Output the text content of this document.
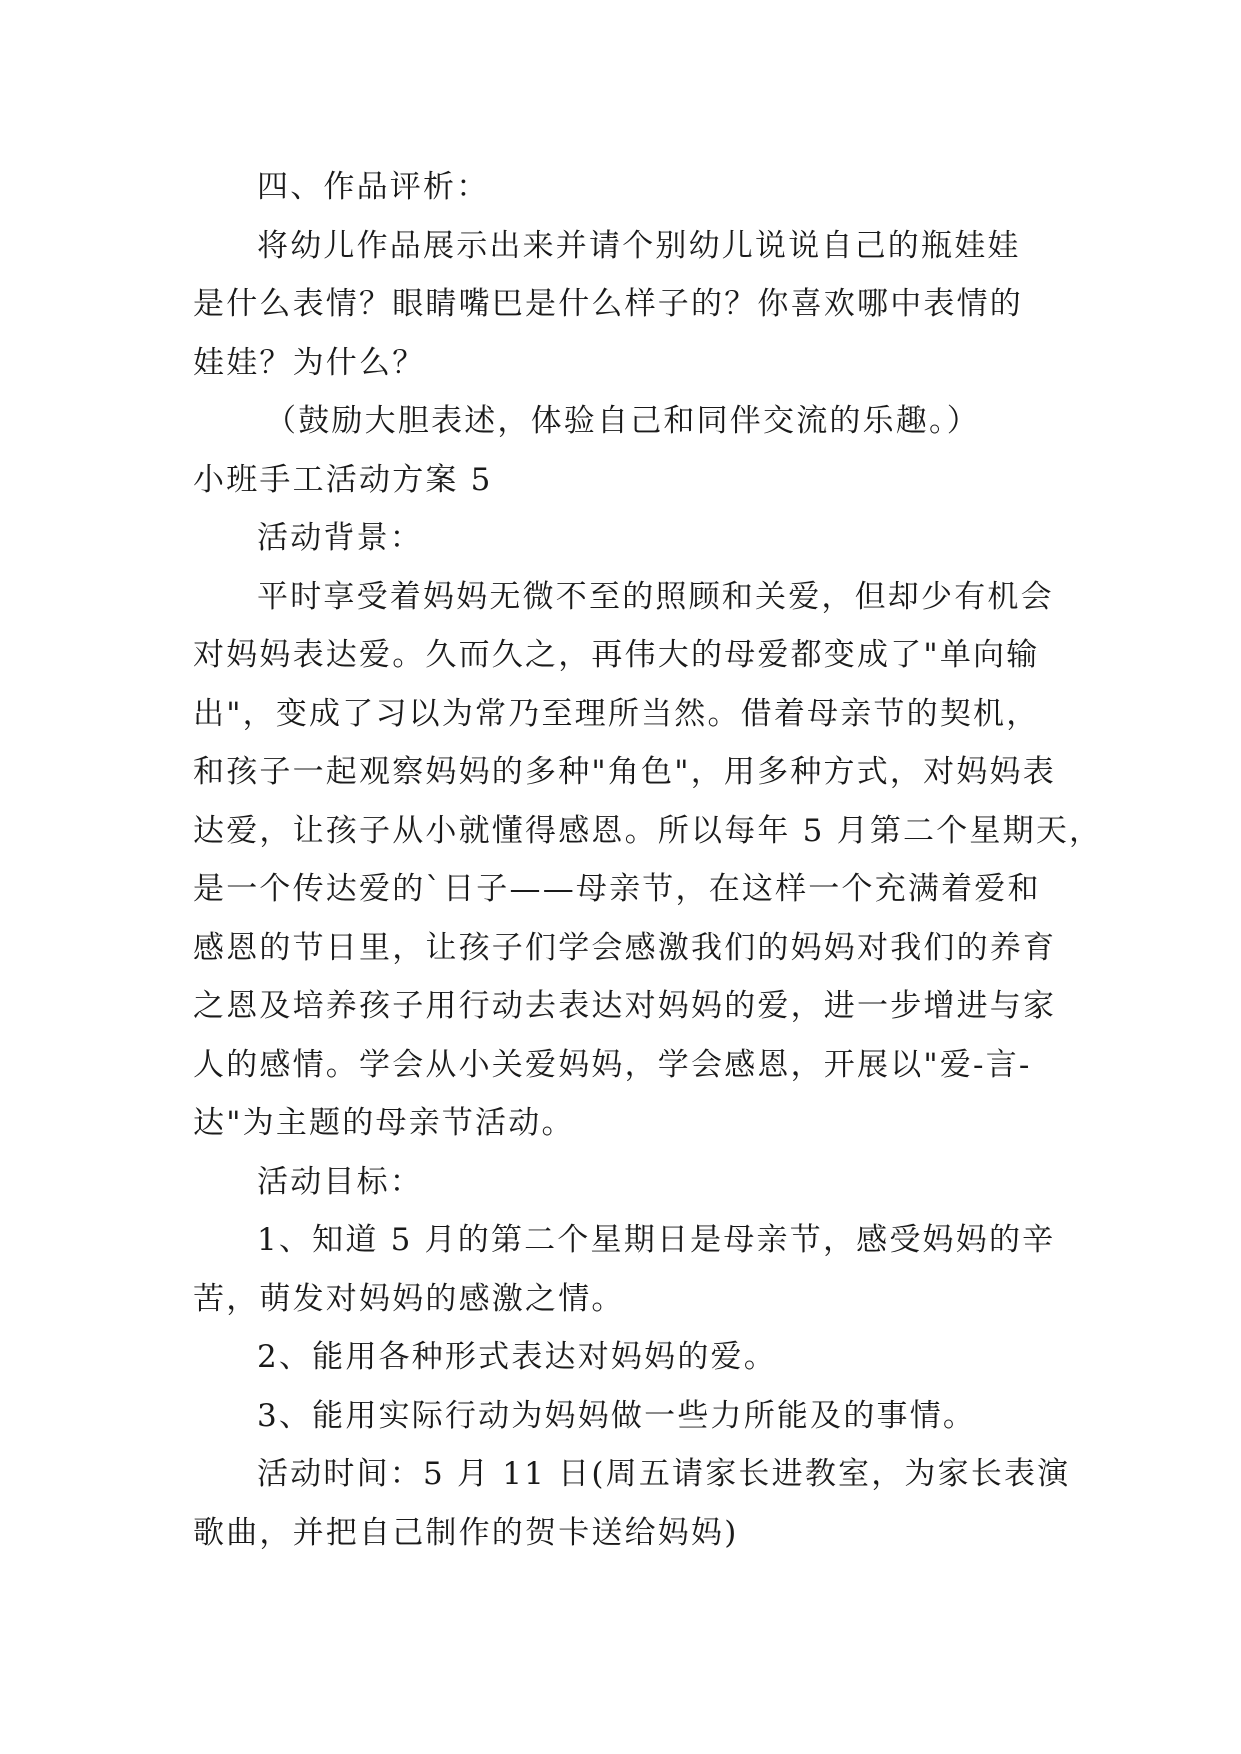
四、作品评析：
将幼儿作品展示出来并请个别幼儿说说自己的瓶娃娃
是什么表情？眼睛嘴巴是什么样子的？你喜欢哪中表情的
娃娃？为什么？
（鼓励大胆表述，体验自己和同伴交流的乐趣。）
小班手工活动方案 5
活动背景：
平时享受着妈妈无微不至的照顾和关爱，但却少有机会
对妈妈表达爱。久而久之，再伟大的母爱都变成了"单向输
出"，变成了习以为常乃至理所当然。借着母亲节的契机，
和孩子一起观察妈妈的多种"角色"，用多种方式，对妈妈表
达爱，让孩子从小就懂得感恩。所以每年 5 月第二个星期天，
是一个传达爱的`日子——母亲节，在这样一个充满着爱和
感恩的节日里，让孩子们学会感激我们的妈妈对我们的养育
之恩及培养孩子用行动去表达对妈妈的爱，进一步增进与家
人的感情。学会从小关爱妈妈，学会感恩，开展以"爱-言-
达"为主题的母亲节活动。
活动目标：
1、知道 5 月的第二个星期日是母亲节，感受妈妈的辛
苦，萌发对妈妈的感激之情。
2、能用各种形式表达对妈妈的爱。
3、能用实际行动为妈妈做一些力所能及的事情。
活动时间：5 月 11 日(周五请家长进教室，为家长表演
歌曲，并把自己制作的贺卡送给妈妈)
